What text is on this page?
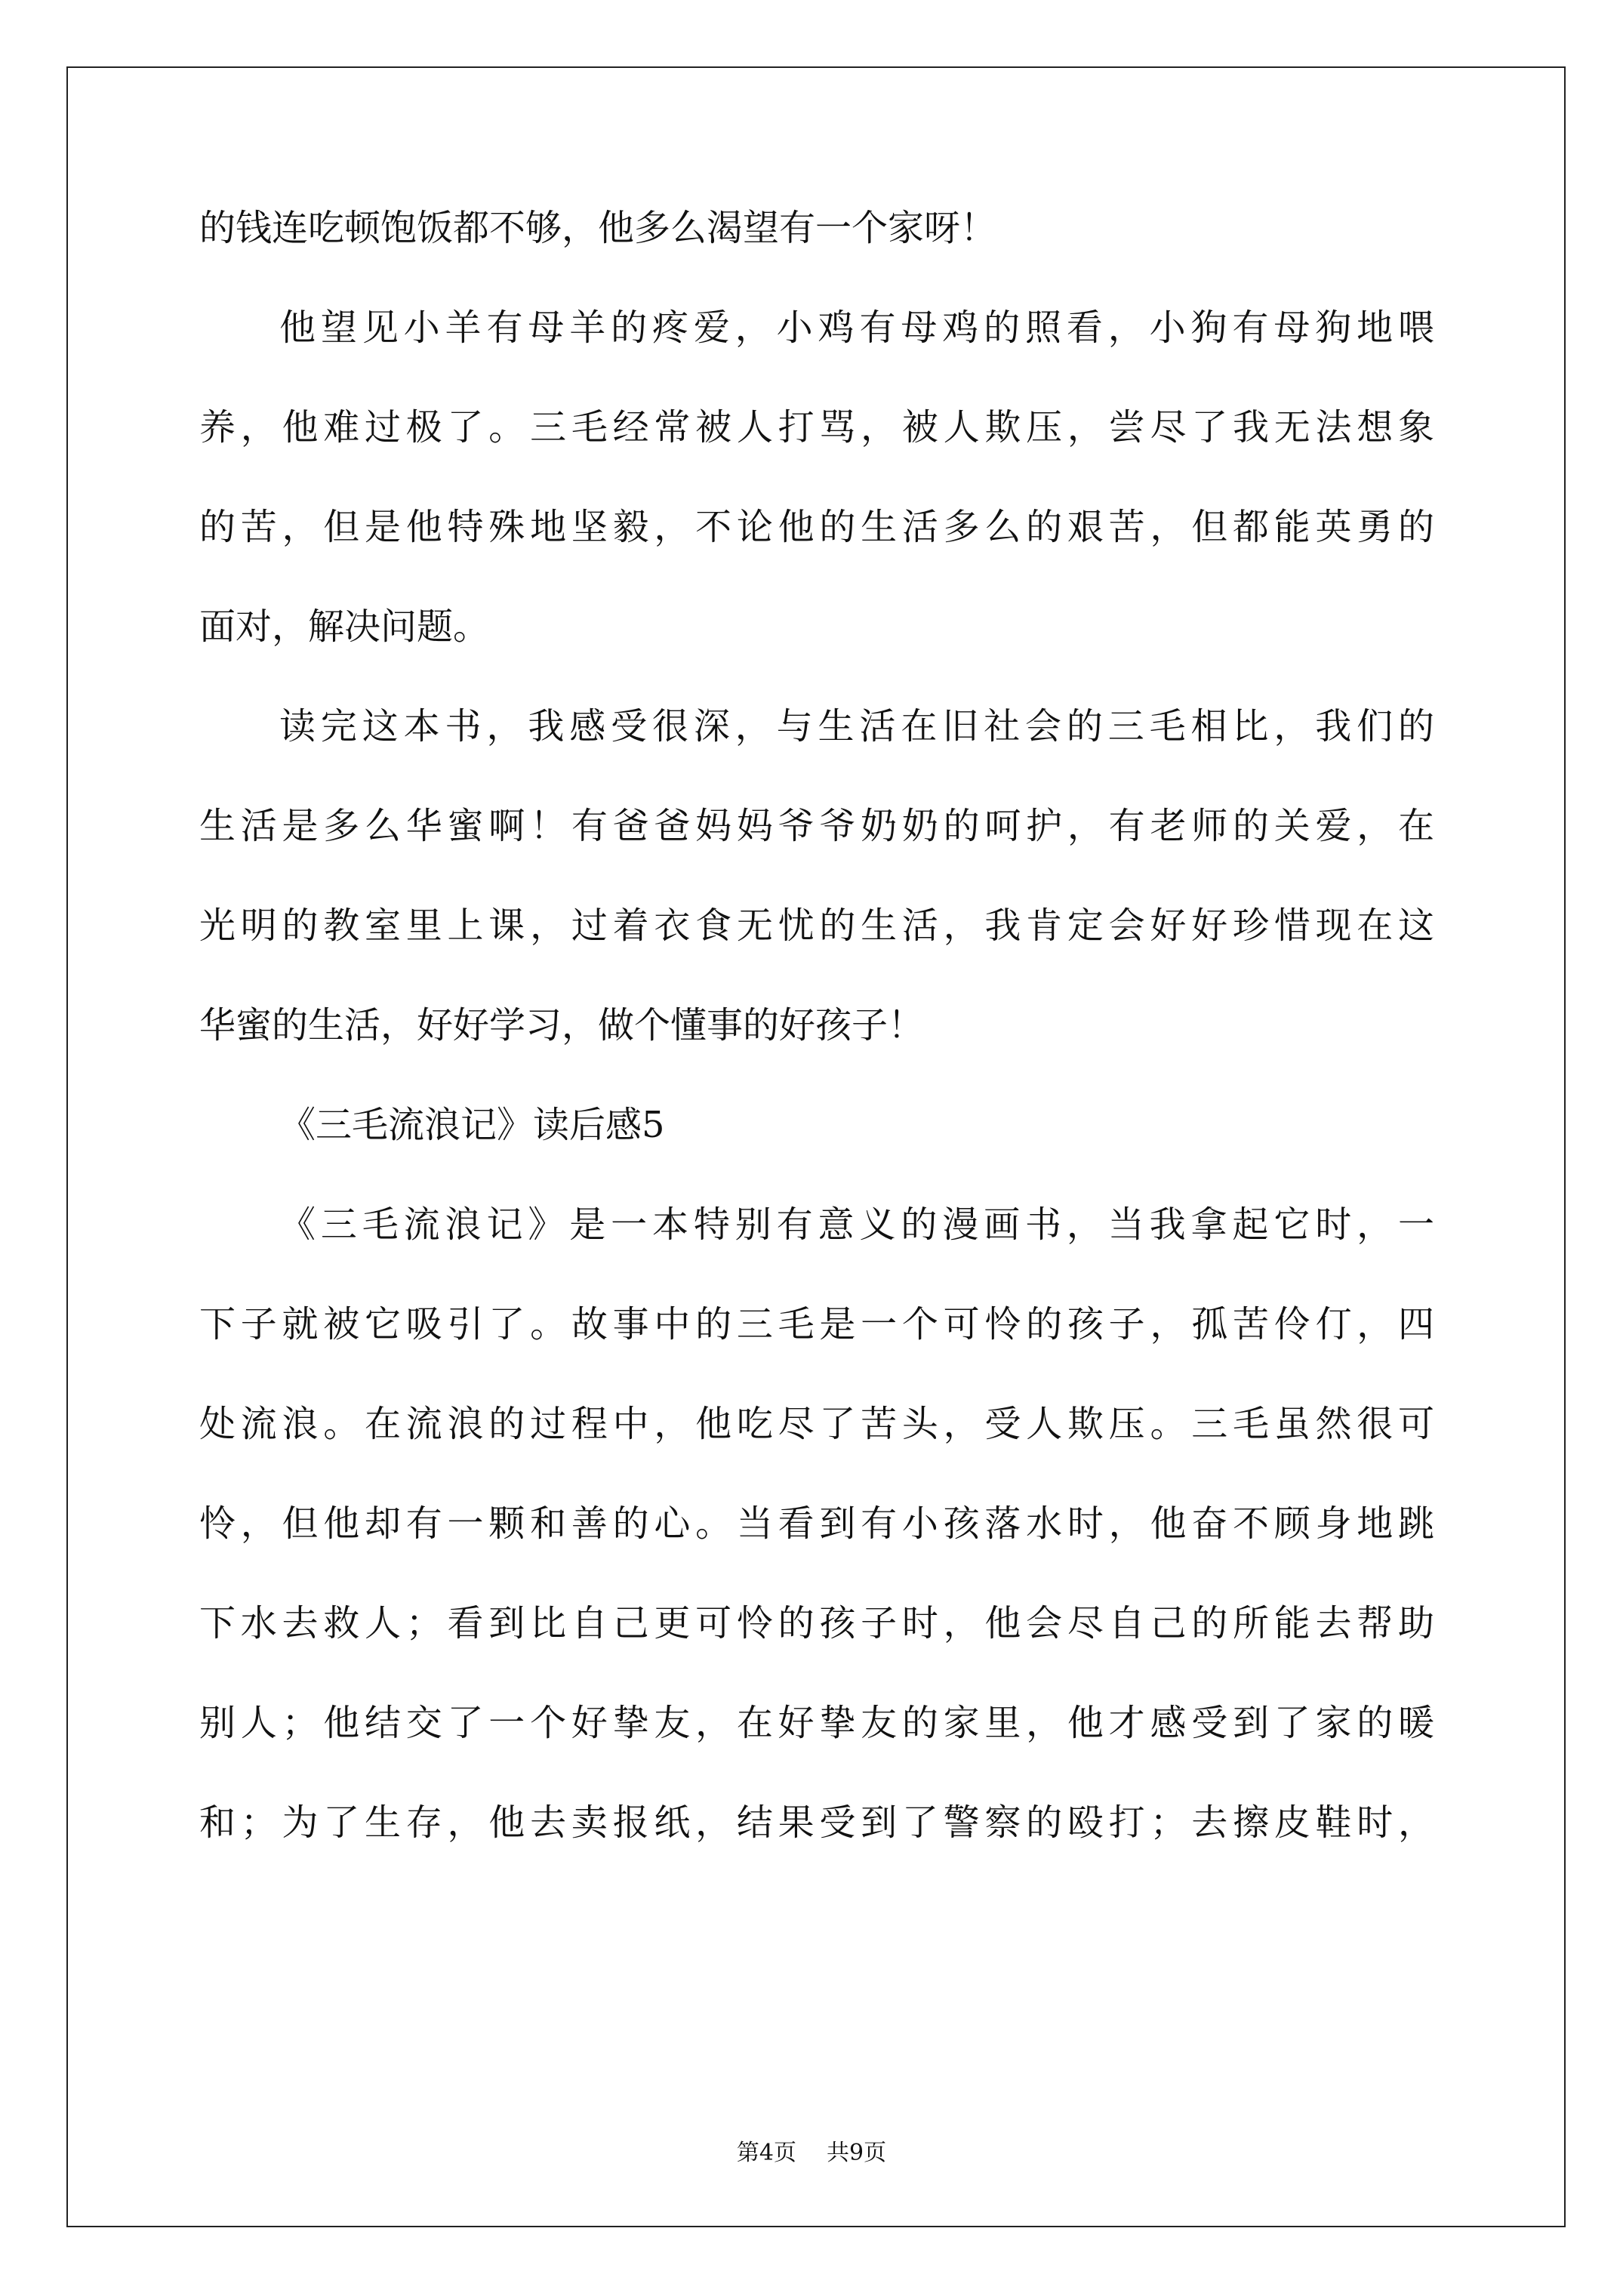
的钱连吃顿饱饭都不够，他多么渴望有一个家呀！
他望见小羊有母羊的疼爱，小鸡有母鸡的照看，小狗有母狗地喂
养，他难过极了。三毛经常被人打骂，被人欺压，尝尽了我无法想象
的苦，但是他特殊地坚毅，不论他的生活多么的艰苦，但都能英勇的
面对，解决问题。
读完这本书，我感受很深，与生活在旧社会的三毛相比，我们的
生活是多么华蜜啊！有爸爸妈妈爷爷奶奶的呵护，有老师的关爱，在
光明的教室里上课，过着衣食无忧的生活，我肯定会好好珍惜现在这
华蜜的生活，好好学习，做个懂事的好孩子！
《三毛流浪记》读后感5
《三毛流浪记》是一本特别有意义的漫画书，当我拿起它时，一
下子就被它吸引了。故事中的三毛是一个可怜的孩子，孤苦伶仃，四
处流浪。在流浪的过程中，他吃尽了苦头，受人欺压。三毛虽然很可
怜，但他却有一颗和善的心。当看到有小孩落水时，他奋不顾身地跳
下水去救人；看到比自己更可怜的孩子时，他会尽自己的所能去帮助
别人；他结交了一个好挚友，在好挚友的家里，他才感受到了家的暖
和；为了生存，他去卖报纸，结果受到了警察的殴打；去擦皮鞋时，
第4页 共9页
